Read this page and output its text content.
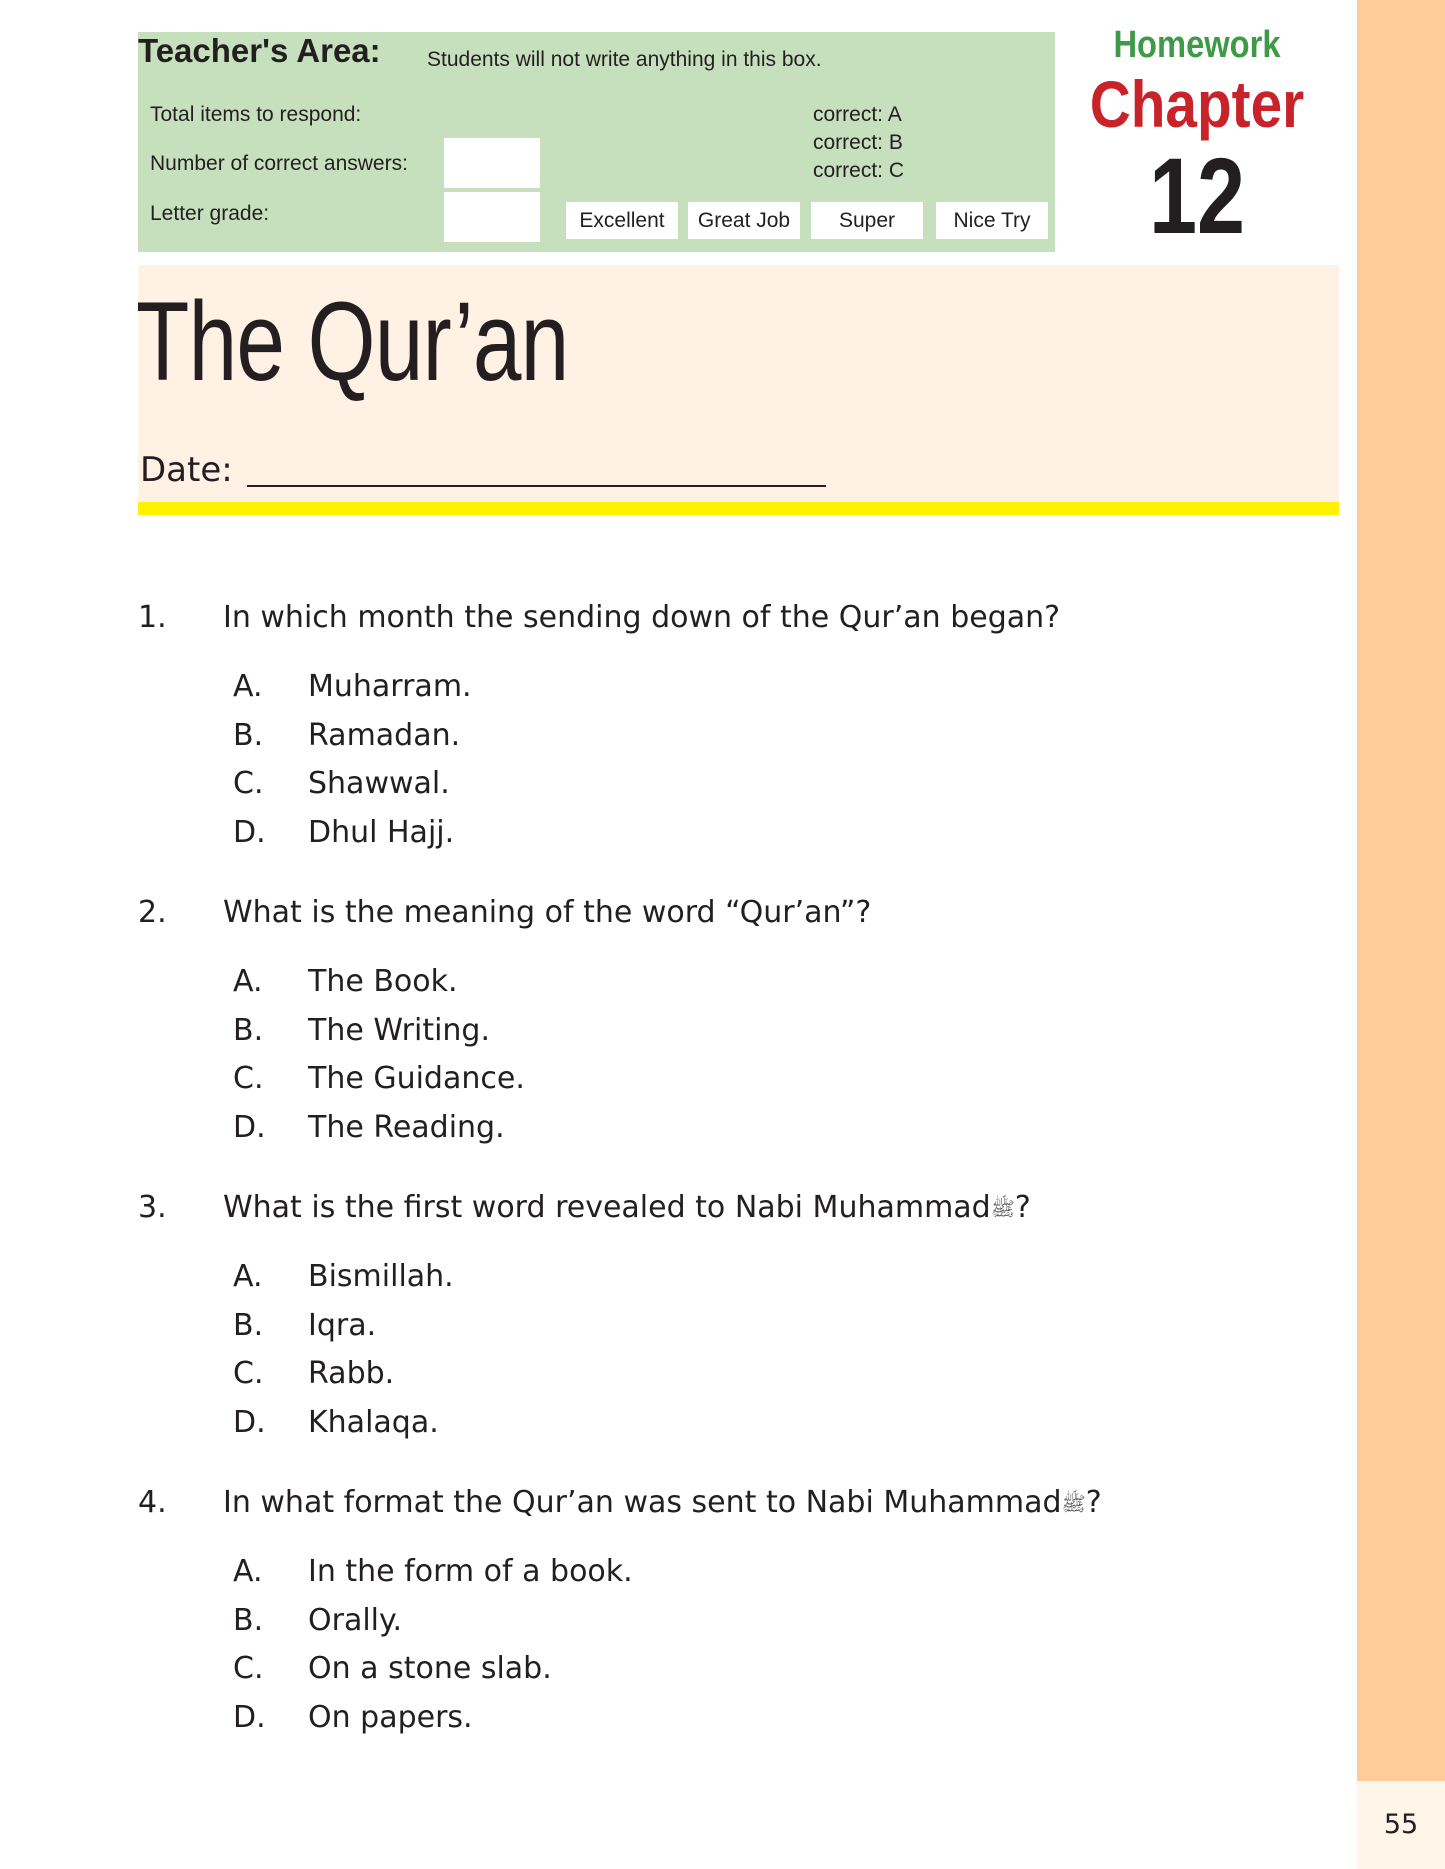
55
Teacher's Area: Students will not write anything in this box.
Total items to respond:
Number of correct answers:
Letter grade:
correct: A
correct: B
correct: C
Excellent	Great Job	Super	Nice Try
Homework
Chapter
12
The Qur’an
Date:
1. In which month the sending down of the Qur’an began?
A. Muharram.
B. Ramadan.
C. Shawwal.
D. Dhul Hajj.
2. What is the meaning of the word “Qur’an”?
A. The Book.
B. The Writing.
C. The Guidance.
D. The Reading.
3. What is the first word revealed to Nabi Muhammadﷺ?
A. Bismillah.
B. Iqra.
C. Rabb.
D. Khalaqa.
4. In what format the Qur’an was sent to Nabi Muhammadﷺ?
A. In the form of a book.
B. Orally.
C. On a stone slab.
D. On papers.
